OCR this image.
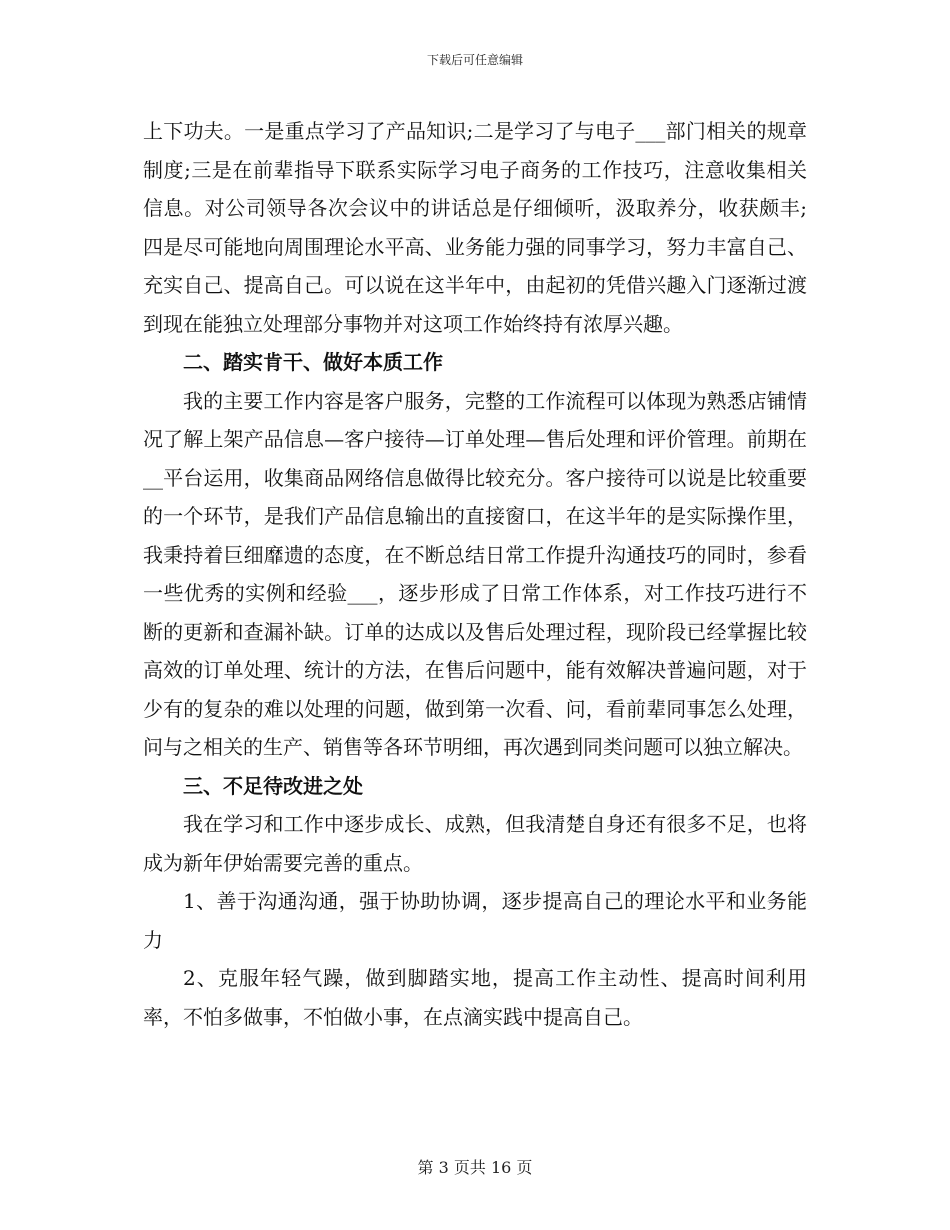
下载后可任意编辑

上下功夫。一是重点学习了产品知识;二是学习了与电子___部门相关的规章制度;三是在前辈指导下联系实际学习电子商务的工作技巧，注意收集相关信息。对公司领导各次会议中的讲话总是仔细倾听，汲取养分，收获颇丰;四是尽可能地向周围理论水平高、业务能力强的同事学习，努力丰富自己、充实自己、提高自己。可以说在这半年中，由起初的凭借兴趣入门逐渐过渡到现在能独立处理部分事物并对这项工作始终持有浓厚兴趣。

二、踏实肯干、做好本质工作

我的主要工作内容是客户服务，完整的工作流程可以体现为熟悉店铺情况了解上架产品信息—客户接待—订单处理—售后处理和评价管理。前期在__平台运用，收集商品网络信息做得比较充分。客户接待可以说是比较重要的一个环节，是我们产品信息输出的直接窗口，在这半年的是实际操作里，我秉持着巨细靡遗的态度，在不断总结日常工作提升沟通技巧的同时，参看一些优秀的实例和经验___，逐步形成了日常工作体系，对工作技巧进行不断的更新和查漏补缺。订单的达成以及售后处理过程，现阶段已经掌握比较高效的订单处理、统计的方法，在售后问题中，能有效解决普遍问题，对于少有的复杂的难以处理的问题，做到第一次看、问，看前辈同事怎么处理，问与之相关的生产、销售等各环节明细，再次遇到同类问题可以独立解决。

三、不足待改进之处

我在学习和工作中逐步成长、成熟，但我清楚自身还有很多不足，也将成为新年伊始需要完善的重点。

1、善于沟通沟通，强于协助协调，逐步提高自己的理论水平和业务能力

2、克服年轻气躁，做到脚踏实地，提高工作主动性、提高时间利用率，不怕多做事，不怕做小事，在点滴实践中提高自己。

第 3 页共 16 页
